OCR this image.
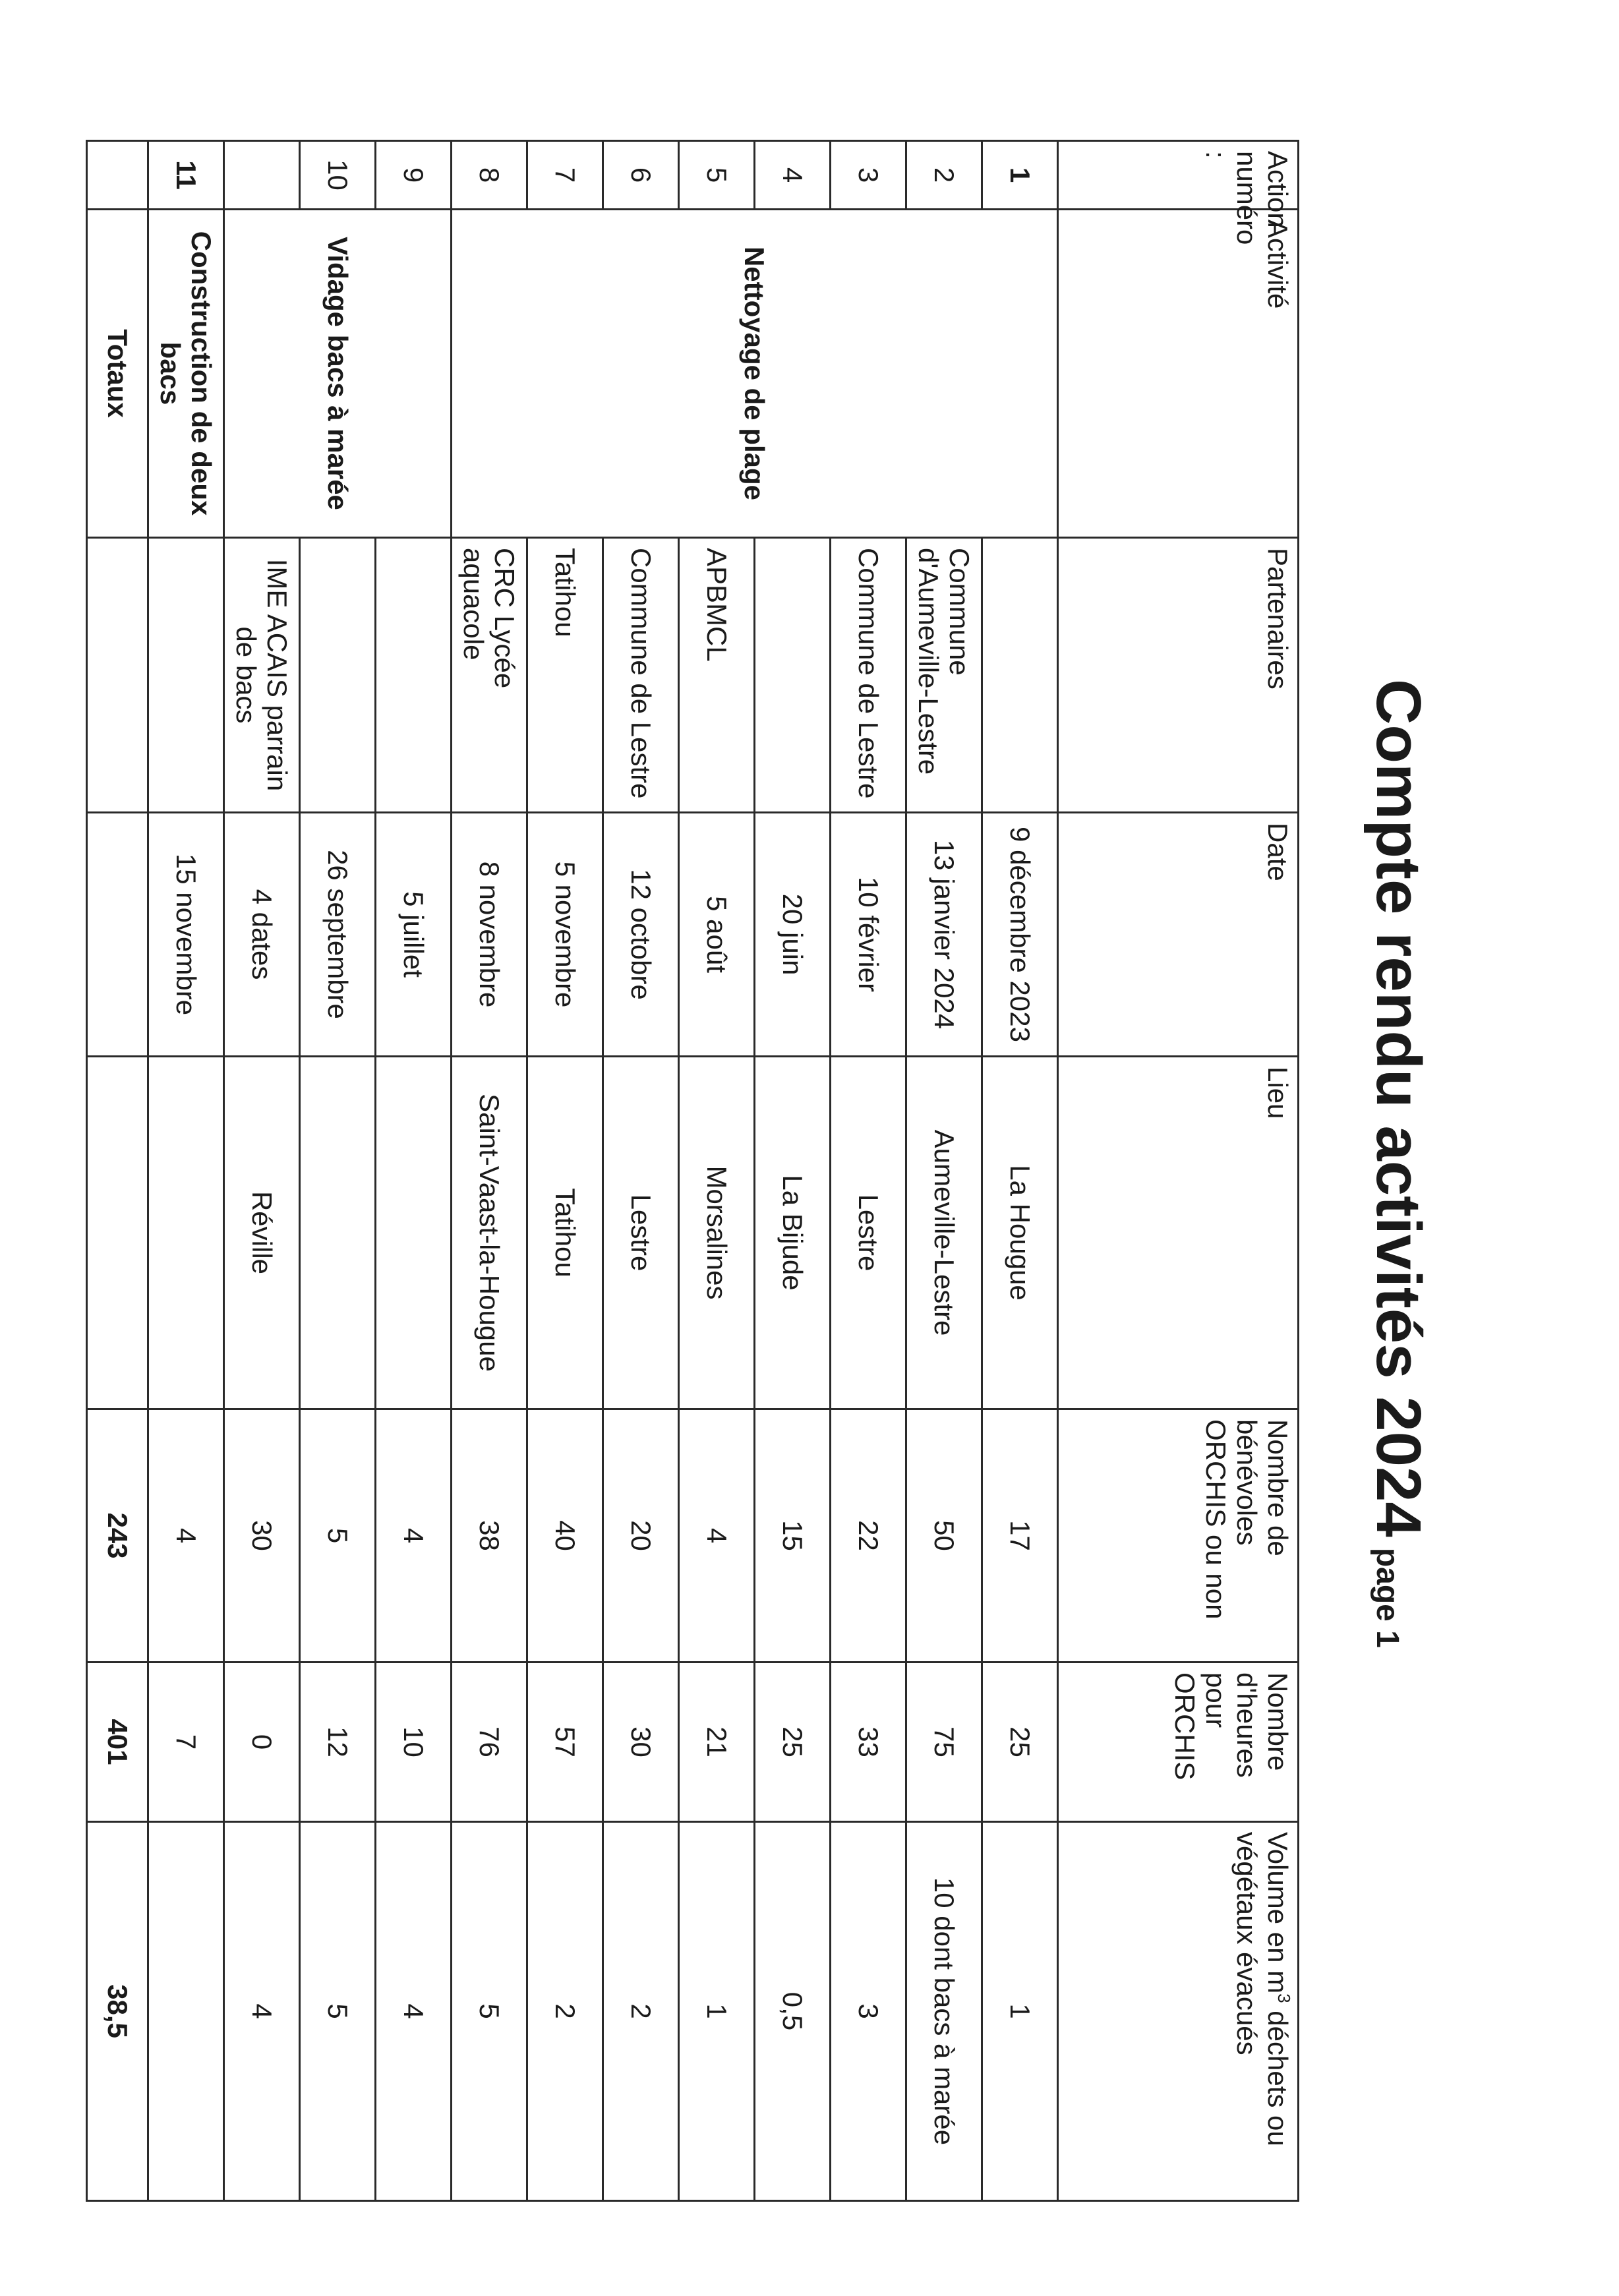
Compte rendu activités 2024page 1
Action numéro :	Activité	Partenaires	Date	Lieu	Nombre de bénévoles ORCHIS ou non	Nombre d'heures pour ORCHIS	Volume en $m^3$ déchets ou végétaux évacués
1	Nettoyage de plage		9 décembre 2023	La Hougue	17	25	1
2		Commune d'Aumeville-Lestre	13 janvier 2024	Aumeville-Lestre	50	75	10 dont bacs à marée
3		Commune de Lestre	10 février	Lestre	22	33	3
4			20 juin	La Bijude	15	25	0,5
5		APBMCL	5 août	Morsalines	4	21	1
6		Commune de Lestre	12 octobre	Lestre	20	30	2
7		Tatihou	5 novembre	Tatihou	40	57	2
8		CRC Lycée aquacole	8 novembre	Saint-Vaast-la-Hougue	38	76	5
9	Vidage bacs à marée		5 juillet		4	10	4
10			26 septembre		5	12	5
		IME ACAIS parrain de bacs	4 dates	Réville	30	0	4
11	Construction de deux bacs		15 novembre		4	7	
	Totaux				243	401	38,5
